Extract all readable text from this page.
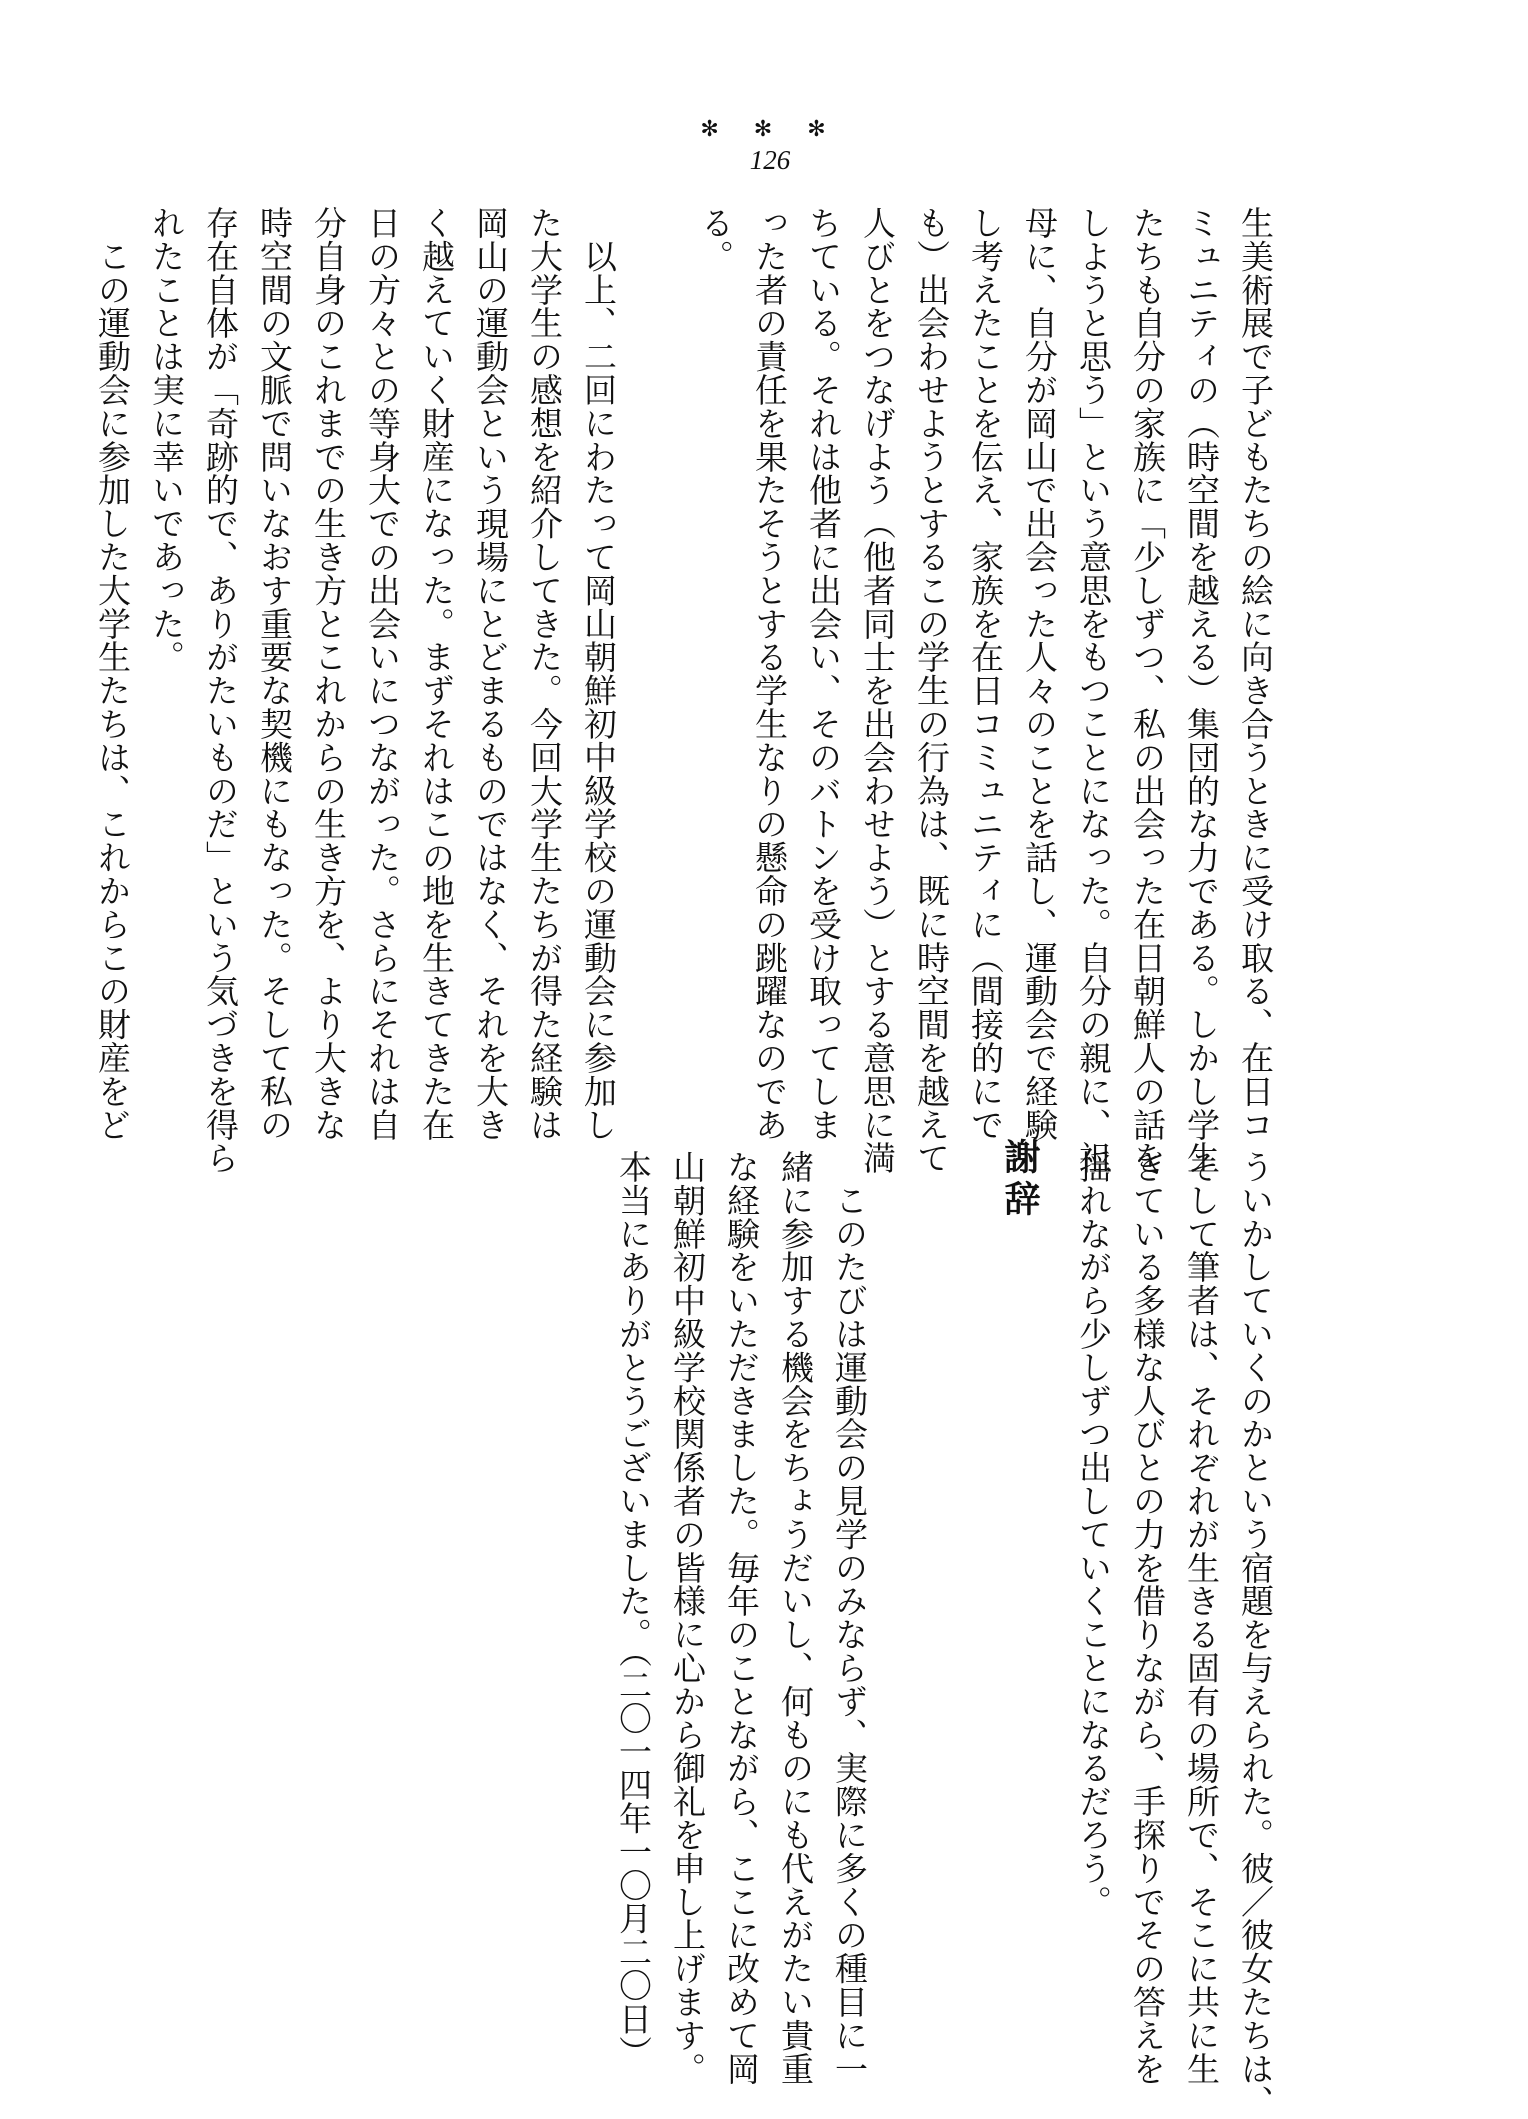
✻ ✻ ✻
126

生美術展で子どもたちの絵に向き合うときに受け取る、在日コ
ミュニティの（時空間を越える）集団的な力である。しかし学生
たちも自分の家族に「少しずつ、私の出会った在日朝鮮人の話を
しようと思う」という意思をもつことになった。自分の親に、祖
母に、自分が岡山で出会った人々のことを話し、運動会で経験
し考えたことを伝え、家族を在日コミュニティに（間接的にで
も）出会わせようとするこの学生の行為は、既に時空間を越えて
人びとをつなげよう（他者同士を出会わせよう）とする意思に満
ちている。それは他者に出会い、そのバトンを受け取ってしま
った者の責任を果たそうとする学生なりの懸命の跳躍なのであ
る。

　以上、二回にわたって岡山朝鮮初中級学校の運動会に参加し
た大学生の感想を紹介してきた。今回大学生たちが得た経験は
岡山の運動会という現場にとどまるものではなく、それを大き
く越えていく財産になった。まずそれはこの地を生きてきた在
日の方々との等身大での出会いにつながった。さらにそれは自
分自身のこれまでの生き方とこれからの生き方を、より大きな
時空間の文脈で問いなおす重要な契機にもなった。そして私の
存在自体が「奇跡的で、ありがたいものだ」という気づきを得ら
れたことは実に幸いであった。
　この運動会に参加した大学生たちは、これからこの財産をど

ういかしていくのかという宿題を与えられた。彼／彼女たちは、
そして筆者は、それぞれが生きる固有の場所で、そこに共に生
きている多様な人びとの力を借りながら、手探りでその答えを
揺れながら少しずつ出していくことになるだろう。

謝辞

　このたびは運動会の見学のみならず、実際に多くの種目に一
緒に参加する機会をちょうだいし、何ものにも代えがたい貴重
な経験をいただきました。毎年のことながら、ここに改めて岡
山朝鮮初中級学校関係者の皆様に心から御礼を申し上げます。
本当にありがとうございました。（二〇一四年一〇月二〇日）
